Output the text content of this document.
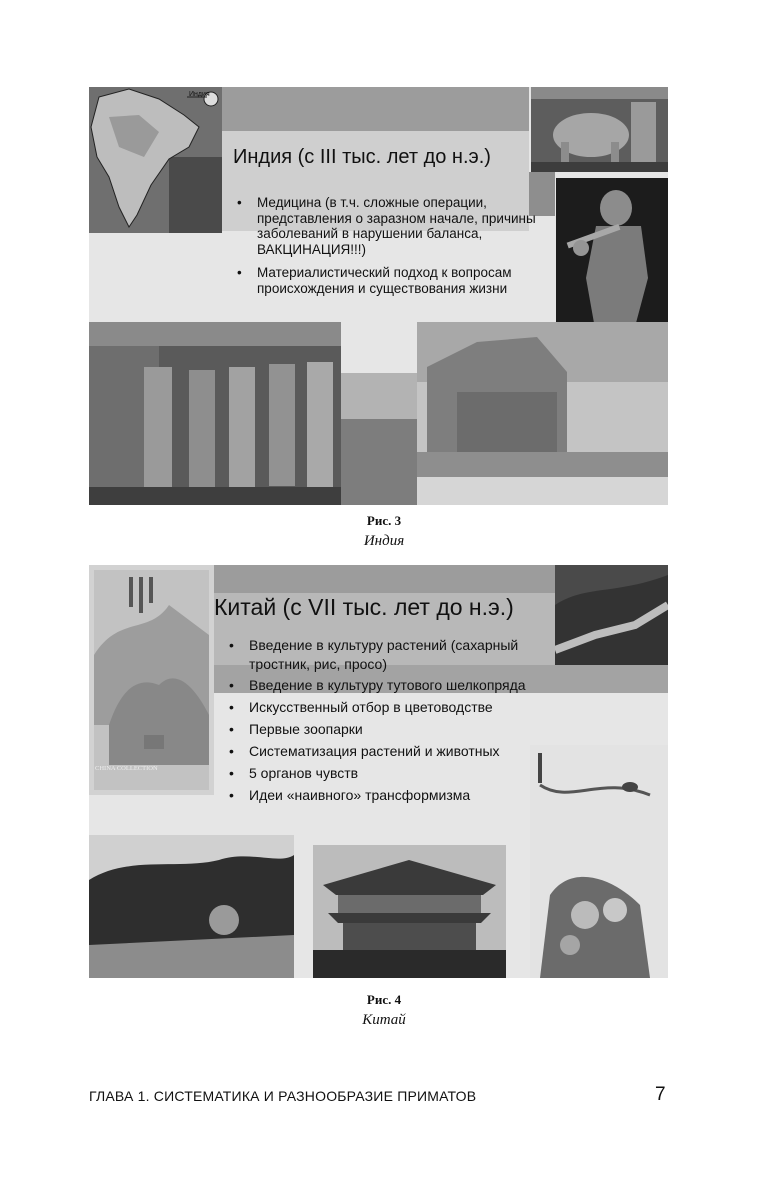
Индия
Индия (с III тыс. лет до н.э.)
• Медицина (в т.ч. сложные операции, представления о заразном начале, причины заболеваний в нарушении баланса, ВАКЦИНАЦИЯ!!!)
• Материалистический подход к вопросам происхождения и существования жизни
Рис. 3
Индия
CHINA COLLECTION
Китай (с VII тыс. лет до н.э.)
• Введение в культуру растений (сахарный тростник, рис, просо)
• Введение в культуру тутового шелкопряда
• Искусственный отбор в цветоводстве
• Первые зоопарки
• Систематизация растений и животных
• 5 органов чувств
• Идеи «наивного» трансформизма
Рис. 4
Китай
ГЛАВА 1. СИСТЕМАТИКА И РАЗНООБРАЗИЕ ПРИМАТОВ	7
